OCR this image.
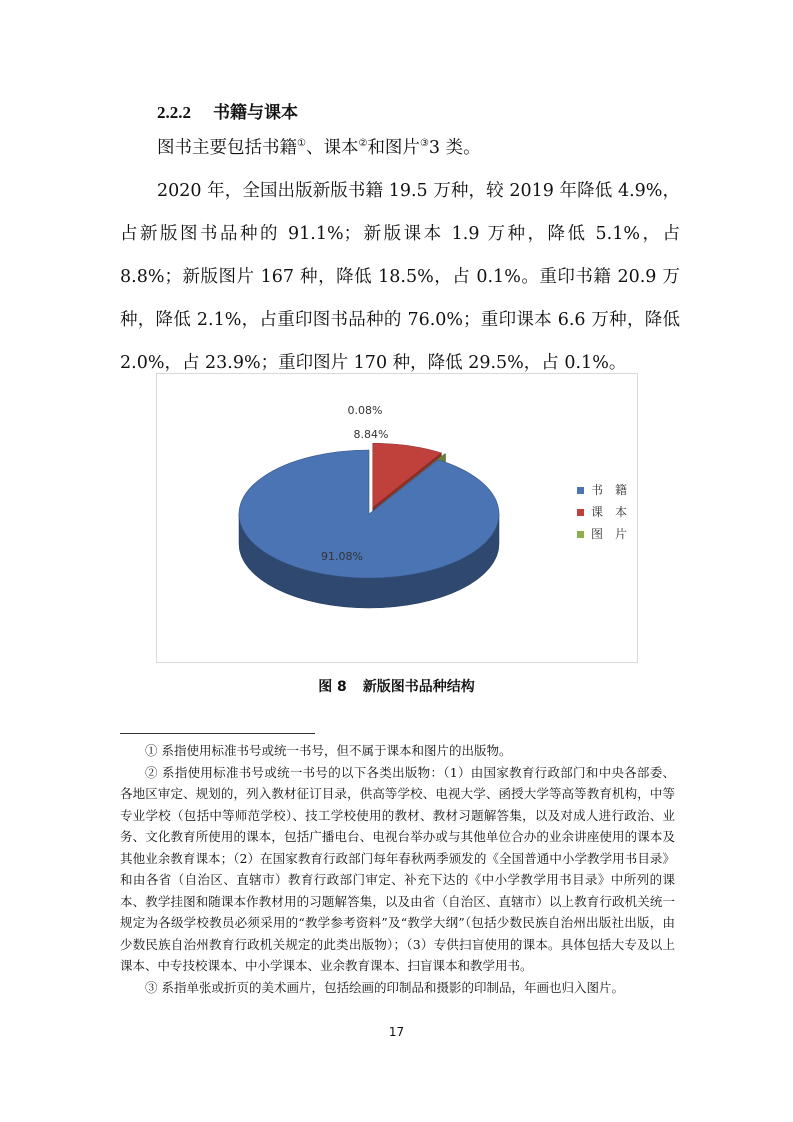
2.2.2 书籍与课本
图书主要包括书籍①、课本②和图片③3 类。
2020 年，全国出版新版书籍 19.5 万种，较 2019 年降低 4.9%，占新版图书品种的 91.1%；新版课本 1.9 万种，降低 5.1%，占 8.8%；新版图片 167 种，降低 18.5%，占 0.1%。重印书籍 20.9 万种，降低 2.1%，占重印图书品种的 76.0%；重印课本 6.6 万种，降低 2.0%，占 23.9%；重印图片 170 种，降低 29.5%，占 0.1%。
91.08%
8.84%
0.08%
书　籍
课　本
图　片
图 8 新版图书品种结构

① 系指使用标准书号或统一书号，但不属于课本和图片的出版物。

② 系指使用标准书号或统一书号的以下各类出版物：（1）由国家教育行政部门和中央各部委、各地区审定、规划的，列入教材征订目录，供高等学校、电视大学、函授大学等高等教育机构，中等专业学校（包括中等师范学校）、技工学校使用的教材、教材习题解答集，以及对成人进行政治、业务、文化教育所使用的课本，包括广播电台、电视台举办或与其他单位合办的业余讲座使用的课本及其他业余教育课本；（2）在国家教育行政部门每年春秋两季颁发的《全国普通中小学教学用书目录》和由各省（自治区、直辖市）教育行政部门审定、补充下达的《中小学教学用书目录》中所列的课本、教学挂图和随课本作教材用的习题解答集，以及由省（自治区、直辖市）以上教育行政机关统一规定为各级学校教员必须采用的“教学参考资料”及“教学大纲”（包括少数民族自治州出版社出版，由少数民族自治州教育行政机关规定的此类出版物）；（3）专供扫盲使用的课本。具体包括大专及以上课本、中专技校课本、中小学课本、业余教育课本、扫盲课本和教学用书。

③ 系指单张或折页的美术画片，包括绘画的印制品和摄影的印制品，年画也归入图片。

17
